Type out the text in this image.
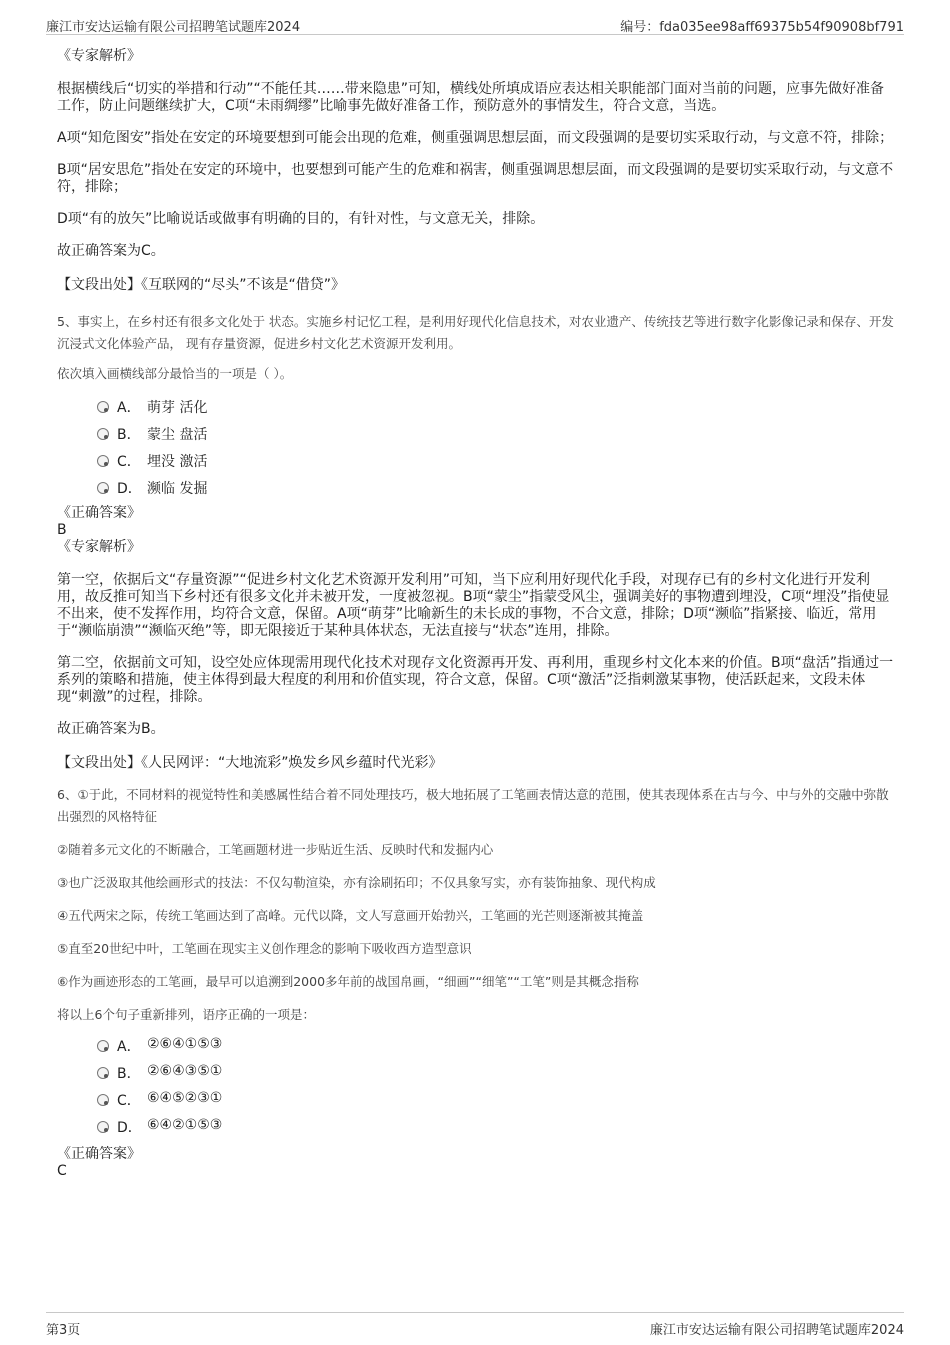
廉江市安达运输有限公司招聘笔试题库2024	编号：fda035ee98aff69375b54f90908bf791

《专家解析》

根据横线后“切实的举措和行动”“不能任其……带来隐患”可知，横线处所填成语应表达相关职能部门面对当前的问题，应事先做好准备工作，防止问题继续扩大，C项“未雨绸缪”比喻事先做好准备工作，预防意外的事情发生，符合文意，当选。

A项“知危图安”指处在安定的环境要想到可能会出现的危难，侧重强调思想层面，而文段强调的是要切实采取行动，与文意不符，排除；

B项“居安思危”指处在安定的环境中，也要想到可能产生的危难和祸害，侧重强调思想层面，而文段强调的是要切实采取行动，与文意不符，排除；

D项“有的放矢”比喻说话或做事有明确的目的，有针对性，与文意无关，排除。

故正确答案为C。

【文段出处】《互联网的“尽头”不该是“借贷”》

5、事实上，在乡村还有很多文化处于 状态。实施乡村记忆工程，是利用好现代化信息技术，对农业遗产、传统技艺等进行数字化影像记录和保存、开发沉浸式文化体验产品， 现有存量资源，促进乡村文化艺术资源开发利用。

依次填入画横线部分最恰当的一项是（ ）。

A． 萌芽 活化
B． 蒙尘 盘活
C． 埋没 激活
D． 濒临 发掘

《正确答案》

B

《专家解析》

第一空，依据后文“存量资源”“促进乡村文化艺术资源开发利用”可知，当下应利用好现代化手段，对现存已有的乡村文化进行开发利用，故反推可知当下乡村还有很多文化并未被开发，一度被忽视。B项“蒙尘”指蒙受风尘，强调美好的事物遭到埋没，C项“埋没”指使显不出来，使不发挥作用，均符合文意，保留。A项“萌芽”比喻新生的未长成的事物，不合文意，排除；D项“濒临”指紧接、临近，常用于“濒临崩溃”“濒临灭绝”等，即无限接近于某种具体状态，无法直接与“状态”连用，排除。

第二空，依据前文可知，设空处应体现需用现代化技术对现存文化资源再开发、再利用，重现乡村文化本来的价值。B项“盘活”指通过一系列的策略和措施，使主体得到最大程度的利用和价值实现，符合文意，保留。C项“激活”泛指刺激某事物，使活跃起来，文段未体现“刺激”的过程，排除。

故正确答案为B。

【文段出处】《人民网评：“大地流彩”焕发乡风乡蕴时代光彩》

6、①于此，不同材料的视觉特性和美感属性结合着不同处理技巧，极大地拓展了工笔画表情达意的范围，使其表现体系在古与今、中与外的交融中弥散出强烈的风格特征

②随着多元文化的不断融合，工笔画题材进一步贴近生活、反映时代和发掘内心

③也广泛汲取其他绘画形式的技法：不仅勾勒渲染，亦有涂刷拓印；不仅具象写实，亦有装饰抽象、现代构成

④五代两宋之际，传统工笔画达到了高峰。元代以降，文人写意画开始勃兴，工笔画的光芒则逐渐被其掩盖

⑤直至20世纪中叶，工笔画在现实主义创作理念的影响下吸收西方造型意识

⑥作为画迹形态的工笔画，最早可以追溯到2000多年前的战国帛画，“细画”“细笔”“工笔”则是其概念指称

将以上6个句子重新排列，语序正确的一项是：

A． ②⑥④①⑤③
B． ②⑥④③⑤①
C． ⑥④⑤②③①
D． ⑥④②①⑤③

《正确答案》

C

第3页	廉江市安达运输有限公司招聘笔试题库2024
